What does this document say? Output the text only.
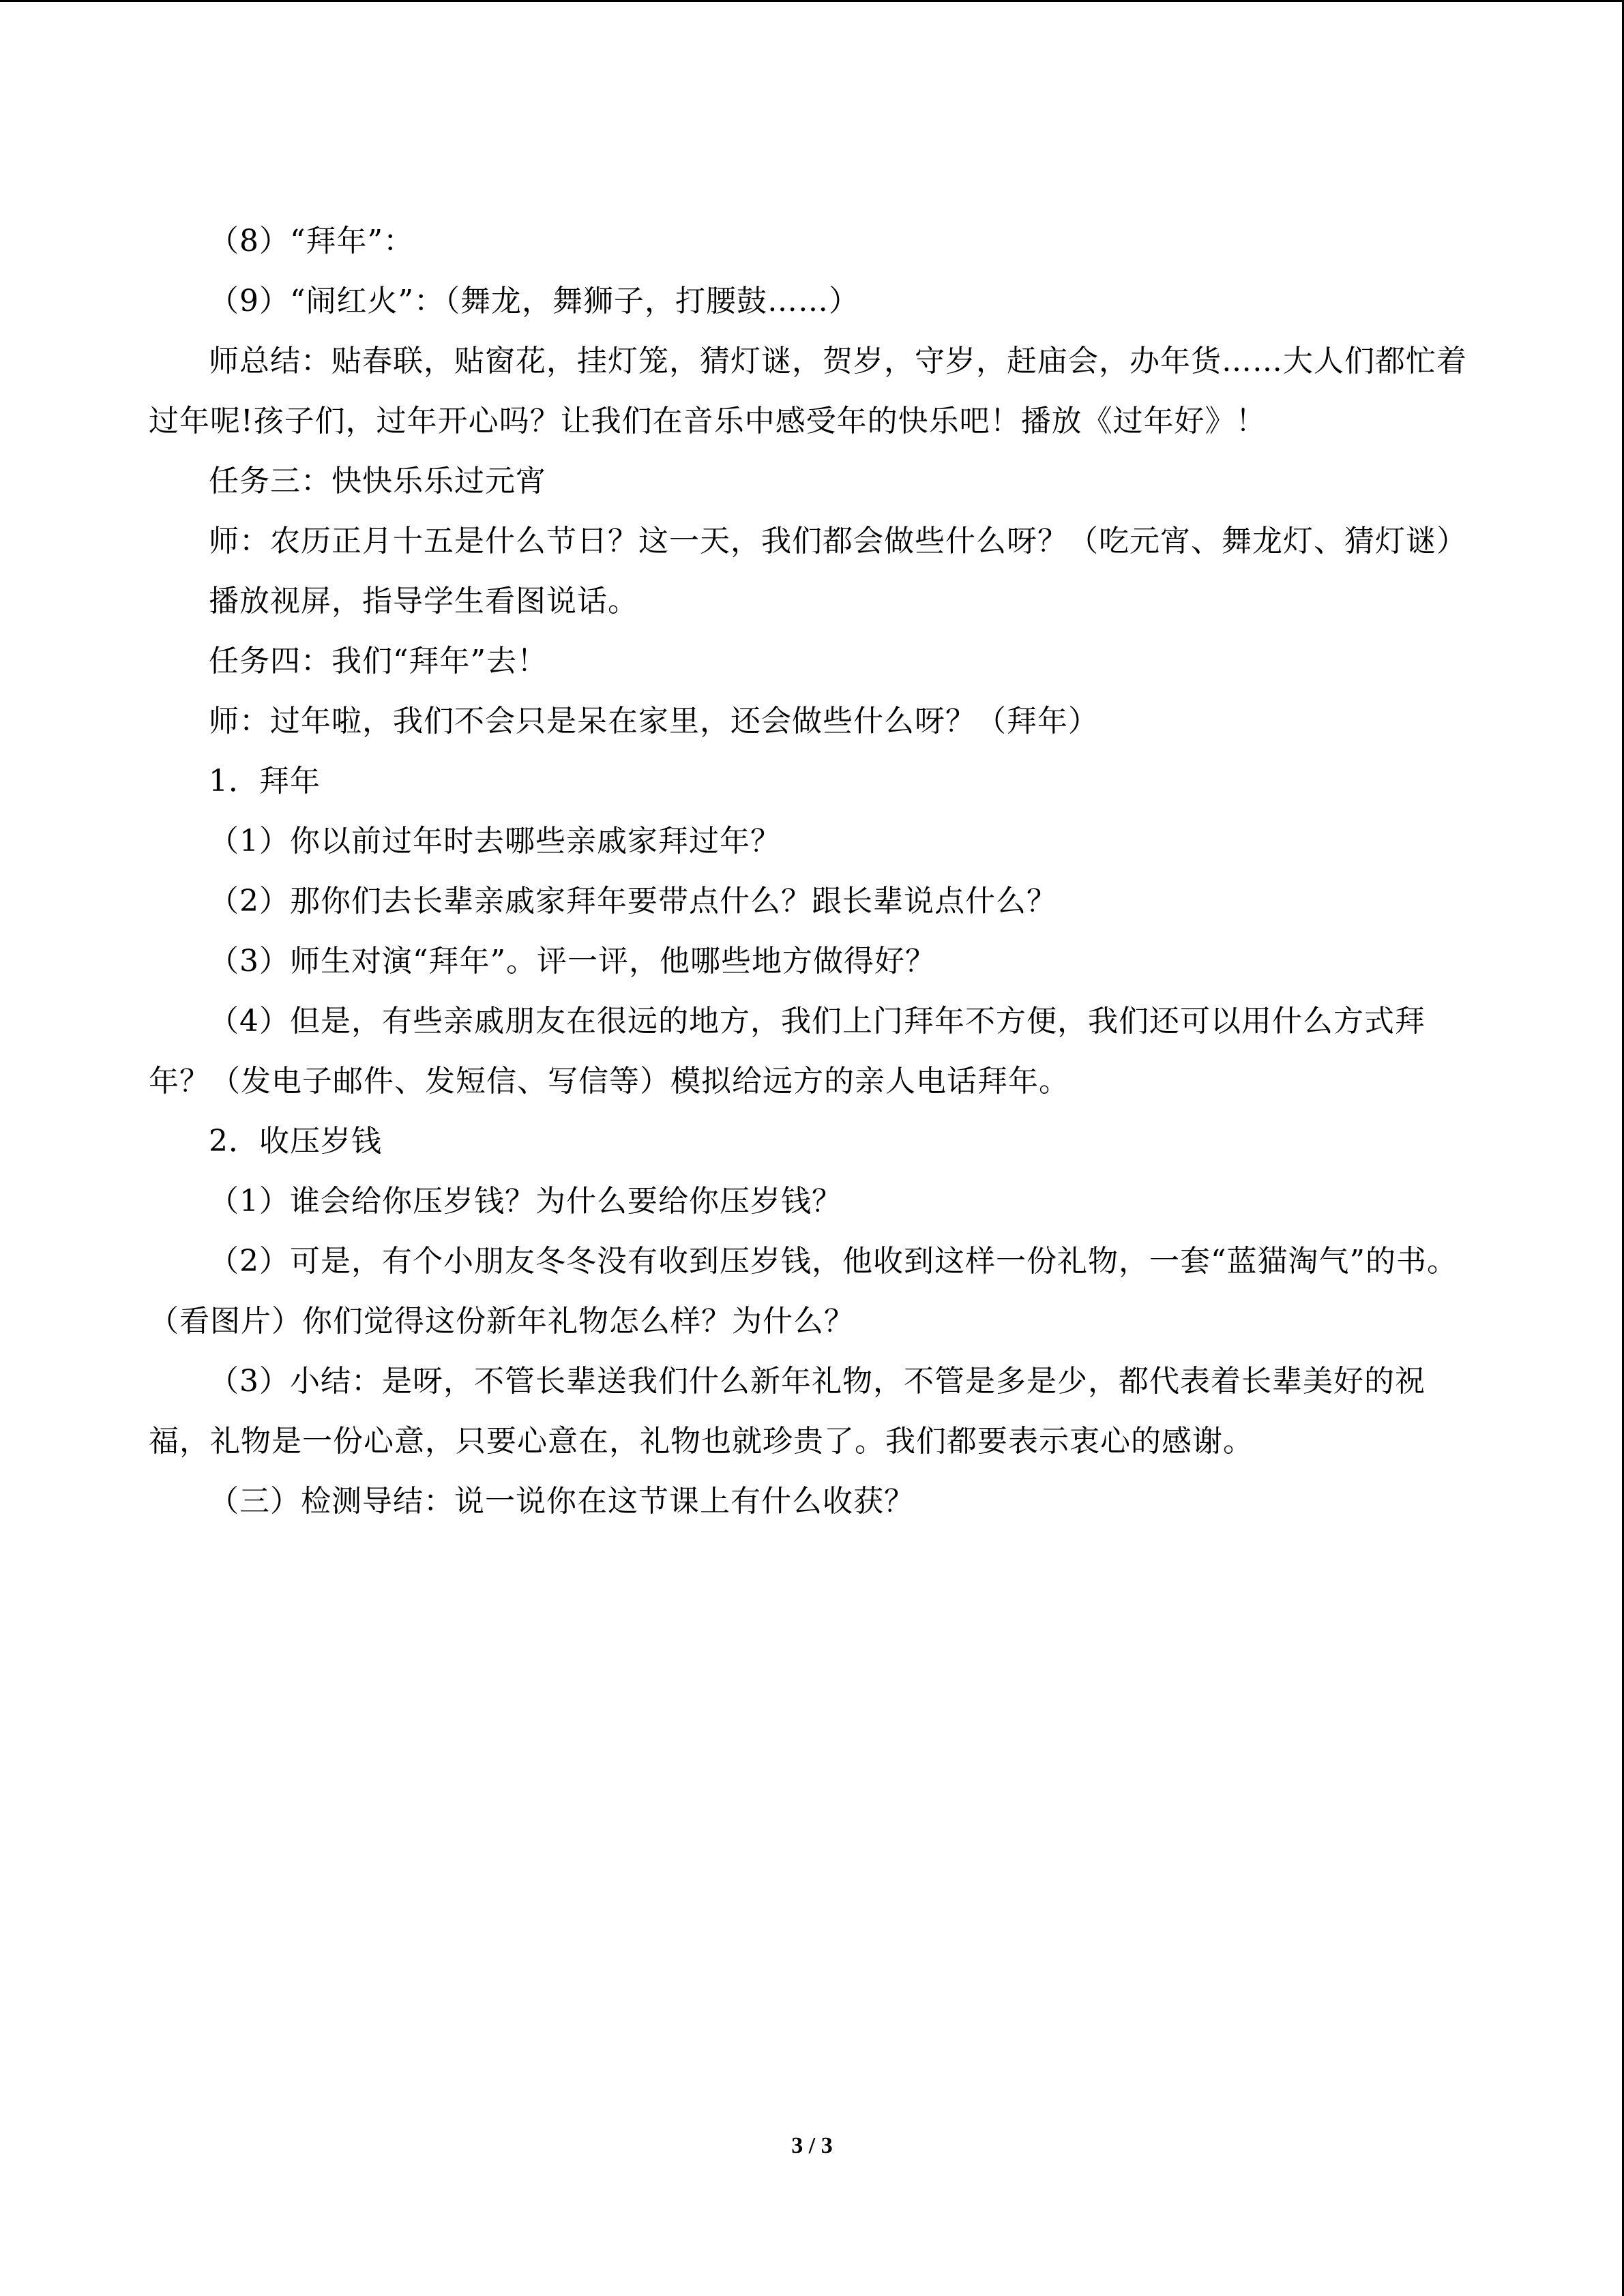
（8）“拜年”：

（9）“闹红火”：（舞龙，舞狮子，打腰鼓……）

师总结：贴春联，贴窗花，挂灯笼，猜灯谜，贺岁，守岁，赶庙会，办年货……大人们都忙着过年呢!孩子们，过年开心吗？让我们在音乐中感受年的快乐吧！播放《过年好》！

任务三：快快乐乐过元宵

师：农历正月十五是什么节日？这一天，我们都会做些什么呀？（吃元宵、舞龙灯、猜灯谜）

播放视屏，指导学生看图说话。

任务四：我们“拜年”去！

师：过年啦，我们不会只是呆在家里，还会做些什么呀？（拜年）

1．拜年

（1）你以前过年时去哪些亲戚家拜过年？

（2）那你们去长辈亲戚家拜年要带点什么？跟长辈说点什么？

（3）师生对演“拜年”。评一评，他哪些地方做得好？

（4）但是，有些亲戚朋友在很远的地方，我们上门拜年不方便，我们还可以用什么方式拜年？（发电子邮件、发短信、写信等）模拟给远方的亲人电话拜年。

2．收压岁钱

（1）谁会给你压岁钱？为什么要给你压岁钱？

（2）可是，有个小朋友冬冬没有收到压岁钱，他收到这样一份礼物，一套“蓝猫淘气”的书。（看图片）你们觉得这份新年礼物怎么样？为什么？

（3）小结：是呀，不管长辈送我们什么新年礼物，不管是多是少，都代表着长辈美好的祝福，礼物是一份心意，只要心意在，礼物也就珍贵了。我们都要表示衷心的感谢。

（三）检测导结：说一说你在这节课上有什么收获？

3 / 3
